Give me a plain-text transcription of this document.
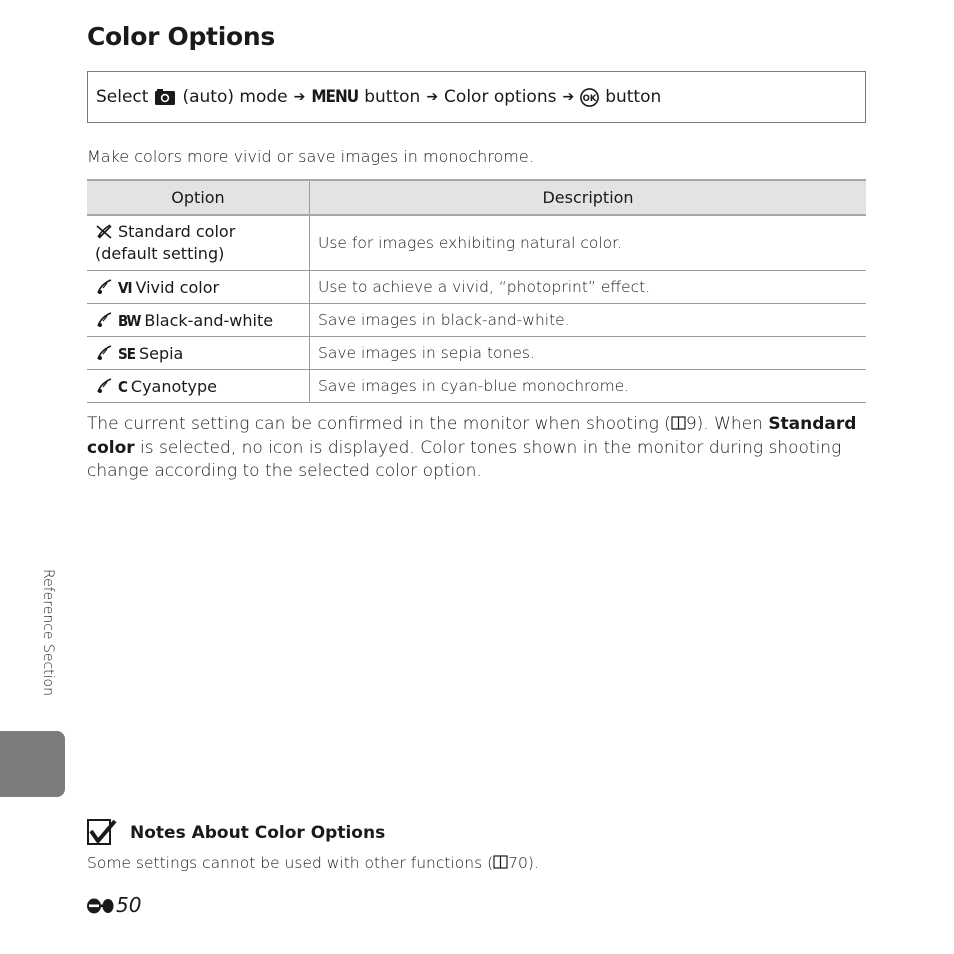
Color Options
Select (auto) mode ➔ MENU button ➔ Color options ➔ OK button

Make colors more vivid or save images in monochrome.

Option	Description
Standard color
(default setting)	Use for images exhibiting natural color.
VI Vivid color	Use to achieve a vivid, “photoprint” effect.
BW Black-and-white	Save images in black-and-white.
SE Sepia	Save images in sepia tones.
C Cyanotype	Save images in cyan-blue monochrome.

The current setting can be confirmed in the monitor when shooting ( 9). When Standard color is selected, no icon is displayed. Color tones shown in the monitor during shooting change according to the selected color option.

Reference Section
Notes About Color Options

Some settings cannot be used with other functions ( 70).

50
